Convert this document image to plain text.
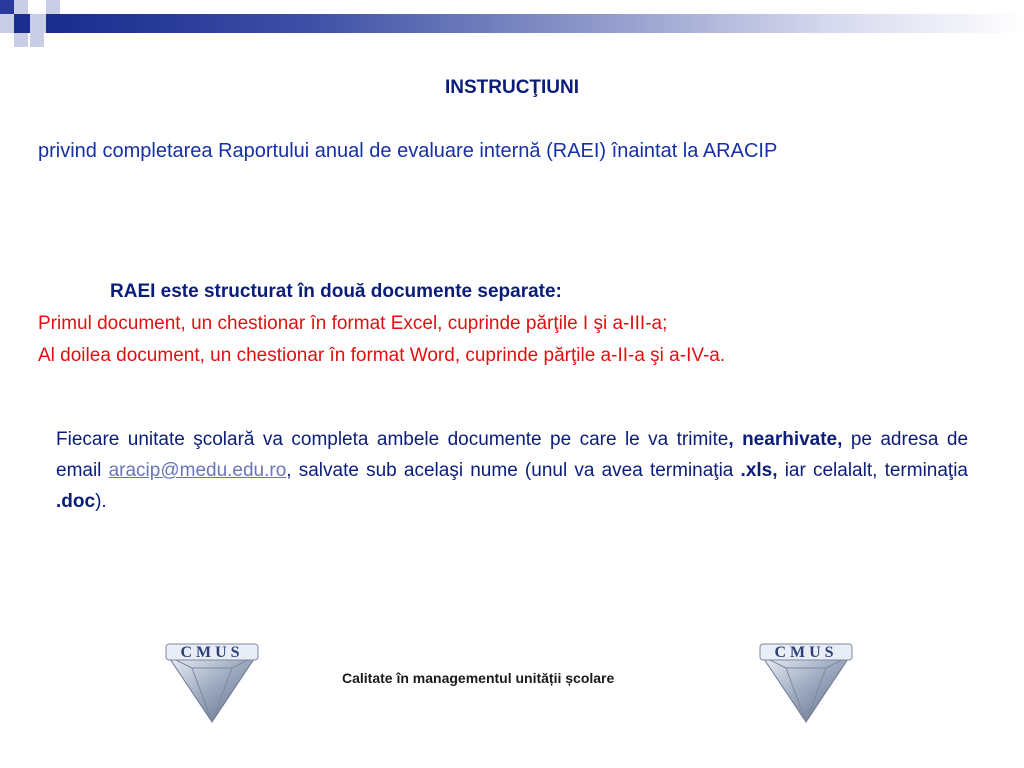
INSTRUCŢIUNI
privind completarea Raportului anual de evaluare internă (RAEI) înaintat la ARACIP
RAEI este structurat în două documente separate:
Primul document, un chestionar în format Excel, cuprinde părţile I şi a-III-a;
Al doilea document, un chestionar în format Word, cuprinde părţile a-II-a şi a-IV-a.
Fiecare unitate şcolară va completa ambele documente pe care le va trimite, nearhivate, pe adresa de email aracip@medu.edu.ro, salvate sub acelaşi nume (unul va avea terminaţia .xls, iar celalalt, terminaţia .doc).
CMUS
Calitate în managementul unității școlare
CMUS
